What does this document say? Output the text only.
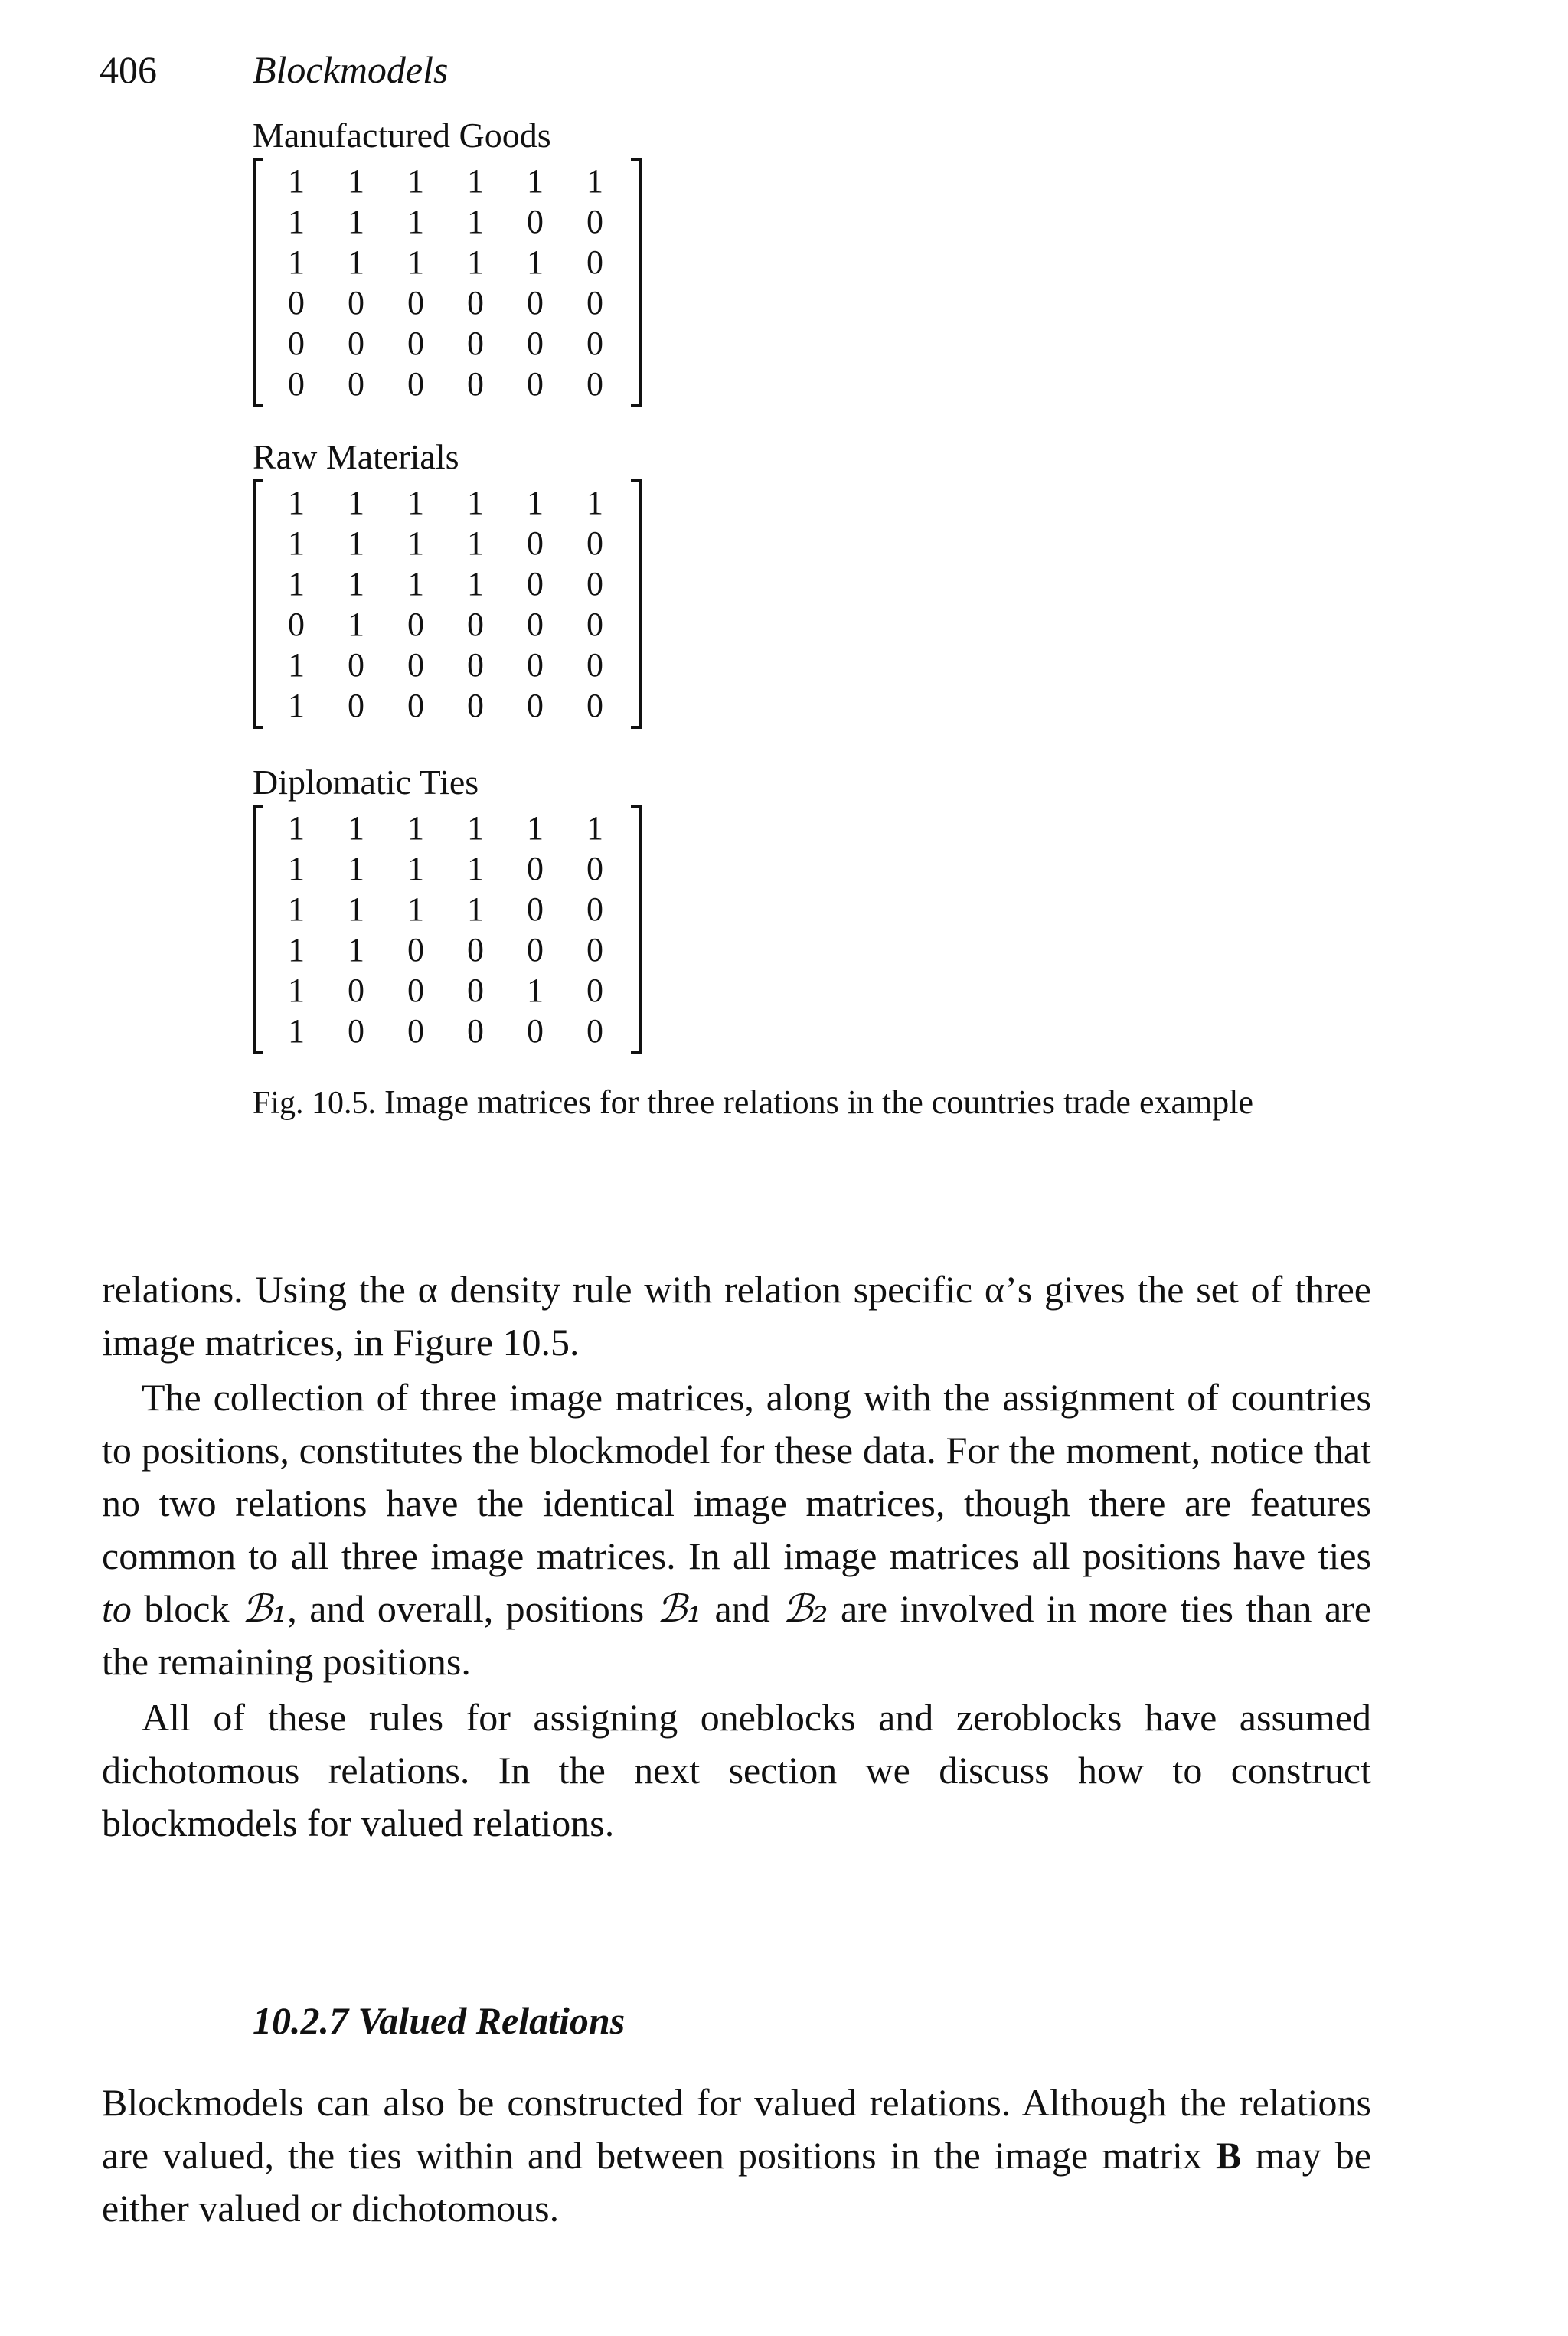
406	Blockmodels

Manufactured Goods

1	1	1	1	1	1
1	1	1	1	0	0
1	1	1	1	1	0
0	0	0	0	0	0
0	0	0	0	0	0
0	0	0	0	0	0

Raw Materials

1	1	1	1	1	1
1	1	1	1	0	0
1	1	1	1	0	0
0	1	0	0	0	0
1	0	0	0	0	0
1	0	0	0	0	0

Diplomatic Ties

1	1	1	1	1	1
1	1	1	1	0	0
1	1	1	1	0	0
1	1	0	0	0	0
1	0	0	0	1	0
1	0	0	0	0	0
Fig. 10.5. Image matrices for three relations in the countries trade example

relations. Using the α density rule with relation specific α’s gives the set of three image matrices, in Figure 10.5.

The collection of three image matrices, along with the assignment of countries to positions, constitutes the blockmodel for these data. For the moment, notice that no two relations have the identical image matrices, though there are features common to all three image matrices. In all image matrices all positions have ties to block ℬ₁, and overall, positions ℬ₁ and ℬ₂ are involved in more ties than are the remaining positions.

All of these rules for assigning oneblocks and zeroblocks have assumed dichotomous relations. In the next section we discuss how to construct blockmodels for valued relations.

10.2.7 Valued Relations

Blockmodels can also be constructed for valued relations. Although the relations are valued, the ties within and between positions in the image matrix B may be either valued or dichotomous.
